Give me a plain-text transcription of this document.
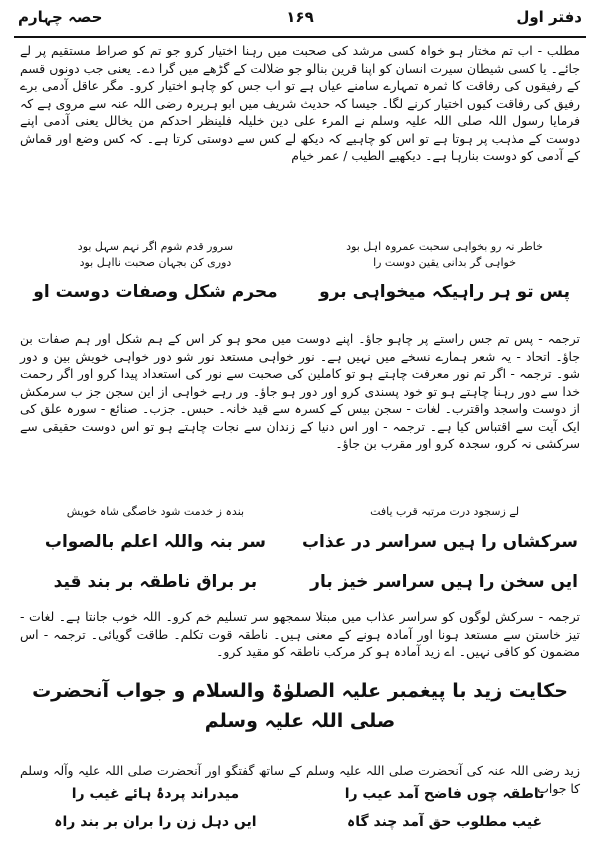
دفتر اول
۱۶۹
حصہ چہارم
مطلب - اب تم مختار ہو خواہ کسی مرشد کی صحبت میں رہنا اختیار کرو جو تم کو صراط مستقیم پر لے جائے۔ یا کسی شیطان سیرت انسان کو اپنا قرین بنالو جو ضلالت کے گڑھے میں گرا دے۔ یعنی جب دونوں قسم کے رفیقوں کی رفاقت کا ثمرہ تمہارے سامنے عیاں ہے تو اب جس کو چاہو اختیار کرو۔ مگر عاقل آدمی برے رفیق کی رفاقت کیوں اختیار کرنے لگا۔ جیسا کہ حدیث شریف میں ابو ہریرہ رضی اللہ عنہ سے مروی ہے کہ فرمایا رسول اللہ صلی اللہ علیہ وسلم نے المرء علی دین خلیلہ فلینظر احدکم من یخالل یعنی آدمی اپنے دوست کے مذہب پر ہوتا ہے تو اس کو چاہیے کہ دیکھ لے کس سے دوستی کرتا ہے۔ کہ کس وضع اور قماش کے آدمی کو دوست بنارہا ہے۔ دیکھیے الطیب / عمر خیام
خاطر نہ رو بخواہی سحبت عمروہ اہل بود
سرور قدم شوم اگر نہم سہل بود
خواہی گر بدانی یقین دوست را
دوری کن بجہان صحبت نااہل بود
پس تو ہر راہیکہ میخواہی برو
محرم شکل وصفات دوست او
ترجمہ - پس تم جس راستے پر چاہو جاؤ۔ اپنے دوست میں محو ہو کر اس کے ہم شکل اور ہم صفات بن جاؤ۔ اتحاد - یہ شعر ہمارے نسخے میں نہیں ہے۔ نور خواہی مستعد نور شو دور خواہی خویش بین و دور شو۔ ترجمہ - اگر تم نور معرفت چاہتے ہو تو کاملین کی صحبت سے نور کی استعداد پیدا کرو اور اگر رحمت خدا سے دور رہنا چاہتے ہو تو خود پسندی کرو اور دور ہو جاؤ۔ ور رہے خواہی از این سجن جز ب سرمکش از دوست واسجد واقترب۔ لغات - سجن بیس کے کسرہ سے قید خانہ۔ حبس۔ جزب۔ صنائع - سورہ علق کی ایک آیت سے اقتباس کیا ہے۔ ترجمہ - اور اس دنیا کے زندان سے نجات چاہتے ہو تو اس دوست حقیقی سے سرکشی نہ کرو، سجدہ کرو اور مقرب بن جاؤ۔
لے زسجود درت مرتبہ قرب یافت
بندہ ز خدمت شود خاصگی شاہ خویش
سرکشاں را ہیں سراسر در عذاب
سر بنہ واللہ اعلم بالصواب
ایں سخن را ہیں سراسر خیز بار
بر براق ناطقہ بر بند قید
ترجمہ - سرکش لوگوں کو سراسر عذاب میں مبتلا سمجھو سر تسلیم خم کرو۔ اللہ خوب جانتا ہے۔ لغات - تیز خاستن سے مستعد ہونا اور آمادہ ہونے کے معنی ہیں۔ ناطقہ قوت تکلم۔ طاقت گویائی۔ ترجمہ - اس مضمون کو کافی نہیں۔ اے زید آمادہ ہو کر مرکب ناطقہ کو مقید کرو۔
حکایت زید با پیغمبر علیہ الصلوٰۃ والسلام و جواب آنحضرت صلی اللہ علیہ وسلم
زید رضی اللہ عنہ کی آنحضرت صلی اللہ علیہ وسلم کے ساتھ گفتگو اور آنحضرت صلی اللہ علیہ وآلہ وسلم کا جواب
ناطقہ چوں فاضح آمد عیب را
میدراند پردۂ ہائے غیب را
غیب مطلوب حق آمد چند گاہ
ایں دہل زن را بران بر بند راہ
